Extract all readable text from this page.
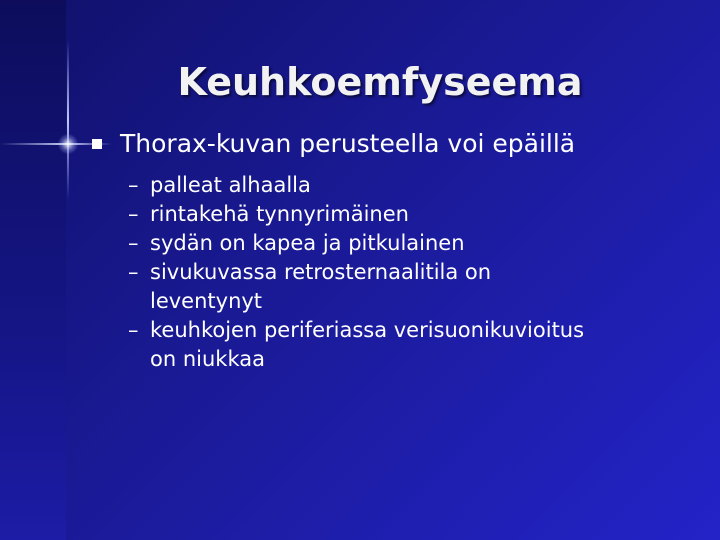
Keuhkoemfyseema
Thorax-kuvan perusteella voi epäillä
– palleat alhaalla
– rintakehä tynnyrimäinen
– sydän on kapea ja pitkulainen
– sivukuvassa retrosternaalitila on
leventynyt
– keuhkojen periferiassa verisuonikuvioitus
on niukkaa
